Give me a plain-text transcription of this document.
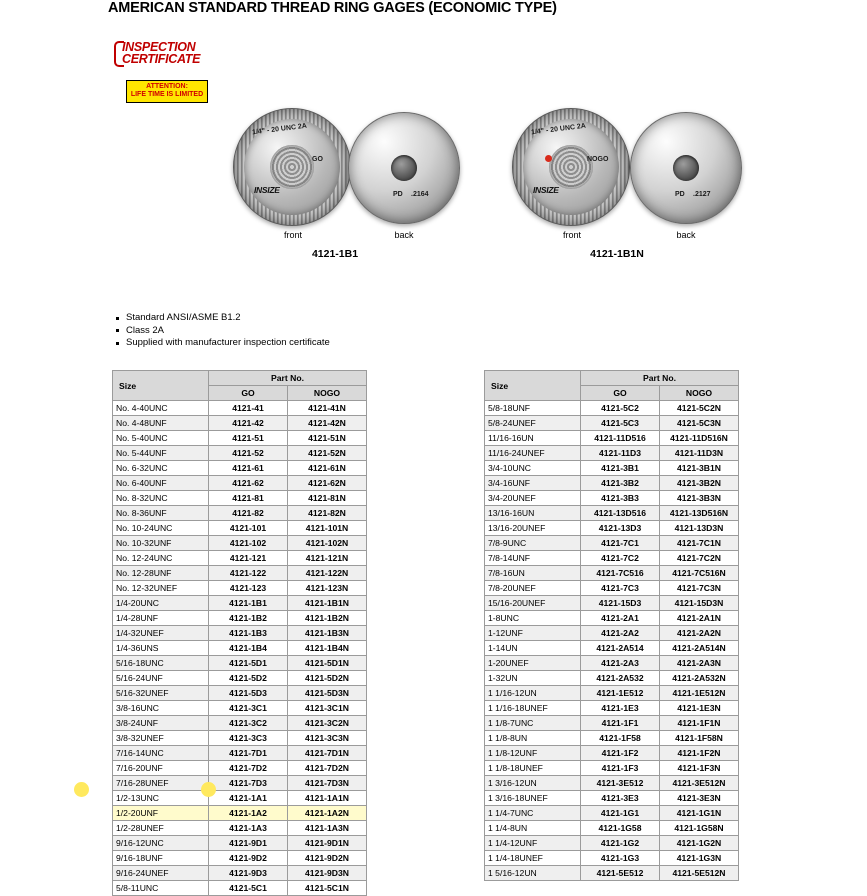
AMERICAN STANDARD THREAD RING GAGES (ECONOMIC TYPE)
INSPECTION
CERTIFICATE
ATTENTION:
LIFE TIME IS LIMITED
1/4" - 20 UNC 2A
GO
INSIZE
front
PD .2164
back
4121-1B1
1/4" - 20 UNC 2A
NOGO
INSIZE
front
PD .2127
back
4121-1B1N
Standard ANSI/ASME B1.2
Class 2A
Supplied with manufacturer inspection certificate
Size	Part No.	
	GO	NOGO
No. 4-40UNC	4121-41	4121-41N
No. 4-48UNF	4121-42	4121-42N
No. 5-40UNC	4121-51	4121-51N
No. 5-44UNF	4121-52	4121-52N
No. 6-32UNC	4121-61	4121-61N
No. 6-40UNF	4121-62	4121-62N
No. 8-32UNC	4121-81	4121-81N
No. 8-36UNF	4121-82	4121-82N
No. 10-24UNC	4121-101	4121-101N
No. 10-32UNF	4121-102	4121-102N
No. 12-24UNC	4121-121	4121-121N
No. 12-28UNF	4121-122	4121-122N
No. 12-32UNEF	4121-123	4121-123N
1/4-20UNC	4121-1B1	4121-1B1N
1/4-28UNF	4121-1B2	4121-1B2N
1/4-32UNEF	4121-1B3	4121-1B3N
1/4-36UNS	4121-1B4	4121-1B4N
5/16-18UNC	4121-5D1	4121-5D1N
5/16-24UNF	4121-5D2	4121-5D2N
5/16-32UNEF	4121-5D3	4121-5D3N
3/8-16UNC	4121-3C1	4121-3C1N
3/8-24UNF	4121-3C2	4121-3C2N
3/8-32UNEF	4121-3C3	4121-3C3N
7/16-14UNC	4121-7D1	4121-7D1N
7/16-20UNF	4121-7D2	4121-7D2N
7/16-28UNEF	4121-7D3	4121-7D3N
1/2-13UNC	4121-1A1	4121-1A1N
1/2-20UNF	4121-1A2	4121-1A2N
1/2-28UNEF	4121-1A3	4121-1A3N
9/16-12UNC	4121-9D1	4121-9D1N
9/16-18UNF	4121-9D2	4121-9D2N
9/16-24UNEF	4121-9D3	4121-9D3N
5/8-11UNC	4121-5C1	4121-5C1N
Size	Part No.	
	GO	NOGO
5/8-18UNF	4121-5C2	4121-5C2N
5/8-24UNEF	4121-5C3	4121-5C3N
11/16-16UN	4121-11D516	4121-11D516N
11/16-24UNEF	4121-11D3	4121-11D3N
3/4-10UNC	4121-3B1	4121-3B1N
3/4-16UNF	4121-3B2	4121-3B2N
3/4-20UNEF	4121-3B3	4121-3B3N
13/16-16UN	4121-13D516	4121-13D516N
13/16-20UNEF	4121-13D3	4121-13D3N
7/8-9UNC	4121-7C1	4121-7C1N
7/8-14UNF	4121-7C2	4121-7C2N
7/8-16UN	4121-7C516	4121-7C516N
7/8-20UNEF	4121-7C3	4121-7C3N
15/16-20UNEF	4121-15D3	4121-15D3N
1-8UNC	4121-2A1	4121-2A1N
1-12UNF	4121-2A2	4121-2A2N
1-14UN	4121-2A514	4121-2A514N
1-20UNEF	4121-2A3	4121-2A3N
1-32UN	4121-2A532	4121-2A532N
1 1/16-12UN	4121-1E512	4121-1E512N
1 1/16-18UNEF	4121-1E3	4121-1E3N
1 1/8-7UNC	4121-1F1	4121-1F1N
1 1/8-8UN	4121-1F58	4121-1F58N
1 1/8-12UNF	4121-1F2	4121-1F2N
1 1/8-18UNEF	4121-1F3	4121-1F3N
1 3/16-12UN	4121-3E512	4121-3E512N
1 3/16-18UNEF	4121-3E3	4121-3E3N
1 1/4-7UNC	4121-1G1	4121-1G1N
1 1/4-8UN	4121-1G58	4121-1G58N
1 1/4-12UNF	4121-1G2	4121-1G2N
1 1/4-18UNEF	4121-1G3	4121-1G3N
1 5/16-12UN	4121-5E512	4121-5E512N
